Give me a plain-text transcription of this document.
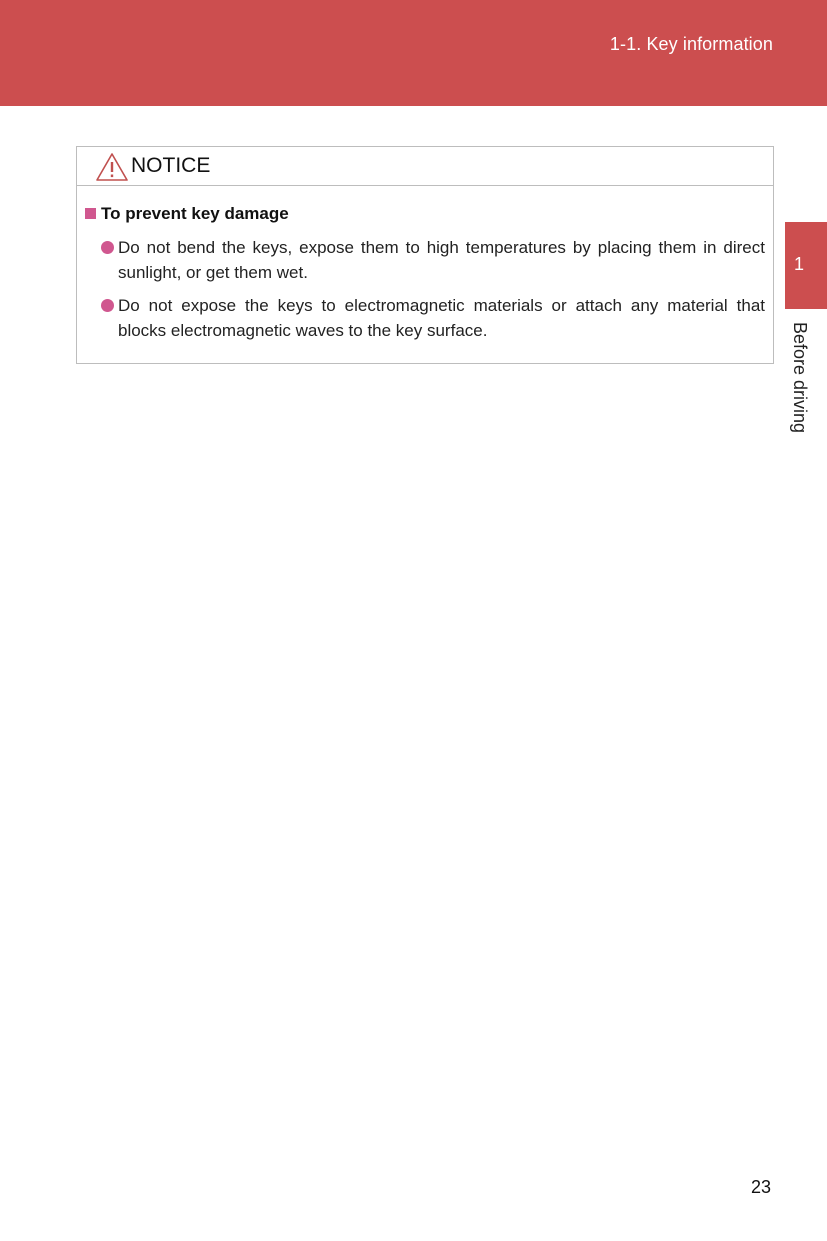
1-1. Key information
1
Before driving
NOTICE
To prevent key damage
Do not bend the keys, expose them to high temperatures by placing them in direct sunlight, or get them wet.
Do not expose the keys to electromagnetic materials or attach any material that blocks electromagnetic waves to the key surface.
23
